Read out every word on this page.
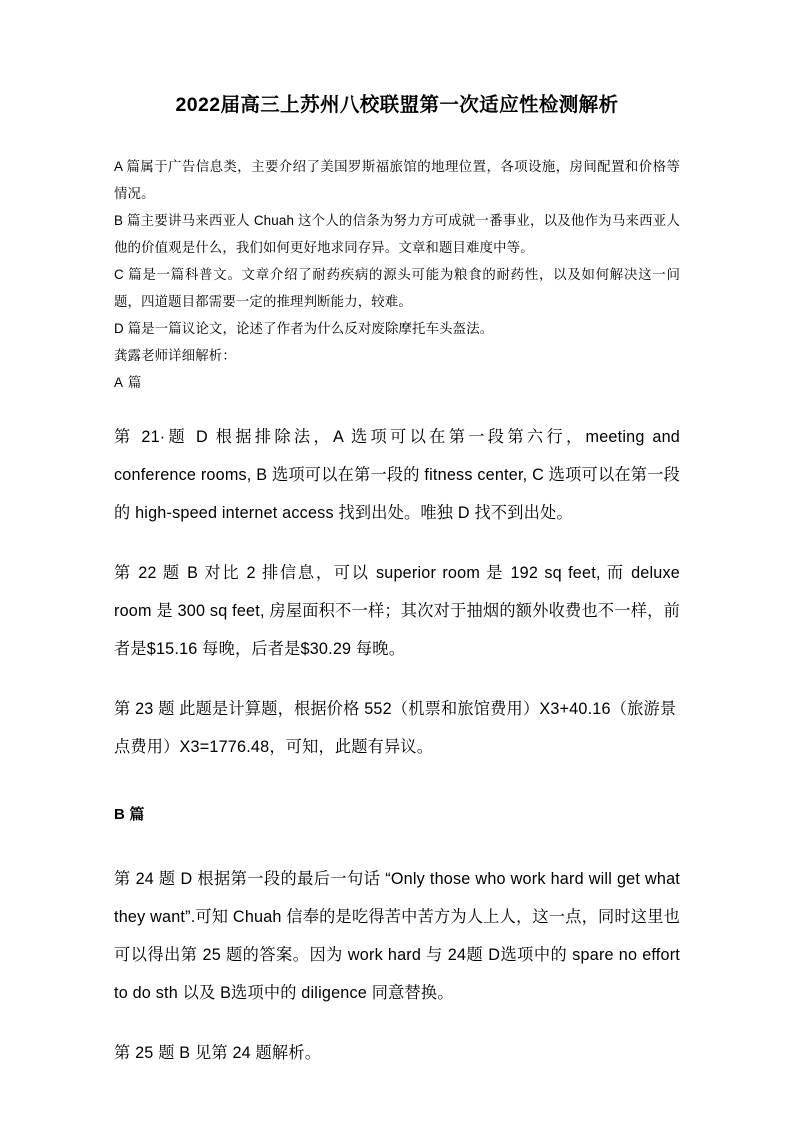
2022届高三上苏州八校联盟第一次适应性检测解析

A 篇属于广告信息类，主要介绍了美国罗斯福旅馆的地理位置，各项设施，房间配置和价格等情况。

B 篇主要讲马来西亚人 Chuah 这个人的信条为努力方可成就一番事业，以及他作为马来西亚人他的价值观是什么，我们如何更好地求同存异。文章和题目难度中等。

C 篇是一篇科普文。文章介绍了耐药疾病的源头可能为粮食的耐药性，以及如何解决这一问题，四道题目都需要一定的推理判断能力，较难。

D 篇是一篇议论文，论述了作者为什么反对废除摩托车头盔法。

龚露老师详细解析：

A 篇

第 21·题 D 根据排除法，A 选项可以在第一段第六行，meeting and conference rooms, B 选项可以在第一段的 fitness center, C 选项可以在第一段的 high-speed internet access 找到出处。唯独 D 找不到出处。

第 22 题 B 对比 2 排信息，可以 superior room 是 192 sq feet, 而 deluxe room 是 300 sq feet, 房屋面积不一样；其次对于抽烟的额外收费也不一样，前者是$15.16 每晚，后者是$30.29 每晚。

第 23 题 此题是计算题，根据价格 552（机票和旅馆费用）X3+40.16（旅游景点费用）X3=1776.48，可知，此题有异议。

B 篇

第 24 题 D 根据第一段的最后一句话 “Only those who work hard will get what they want”.可知 Chuah 信奉的是吃得苦中苦方为人上人，这一点，同时这里也可以得出第 25 题的答案。因为 work hard 与 24题 D选项中的 spare no effort to do sth 以及 B选项中的 diligence 同意替换。

第 25 题 B 见第 24 题解析。
